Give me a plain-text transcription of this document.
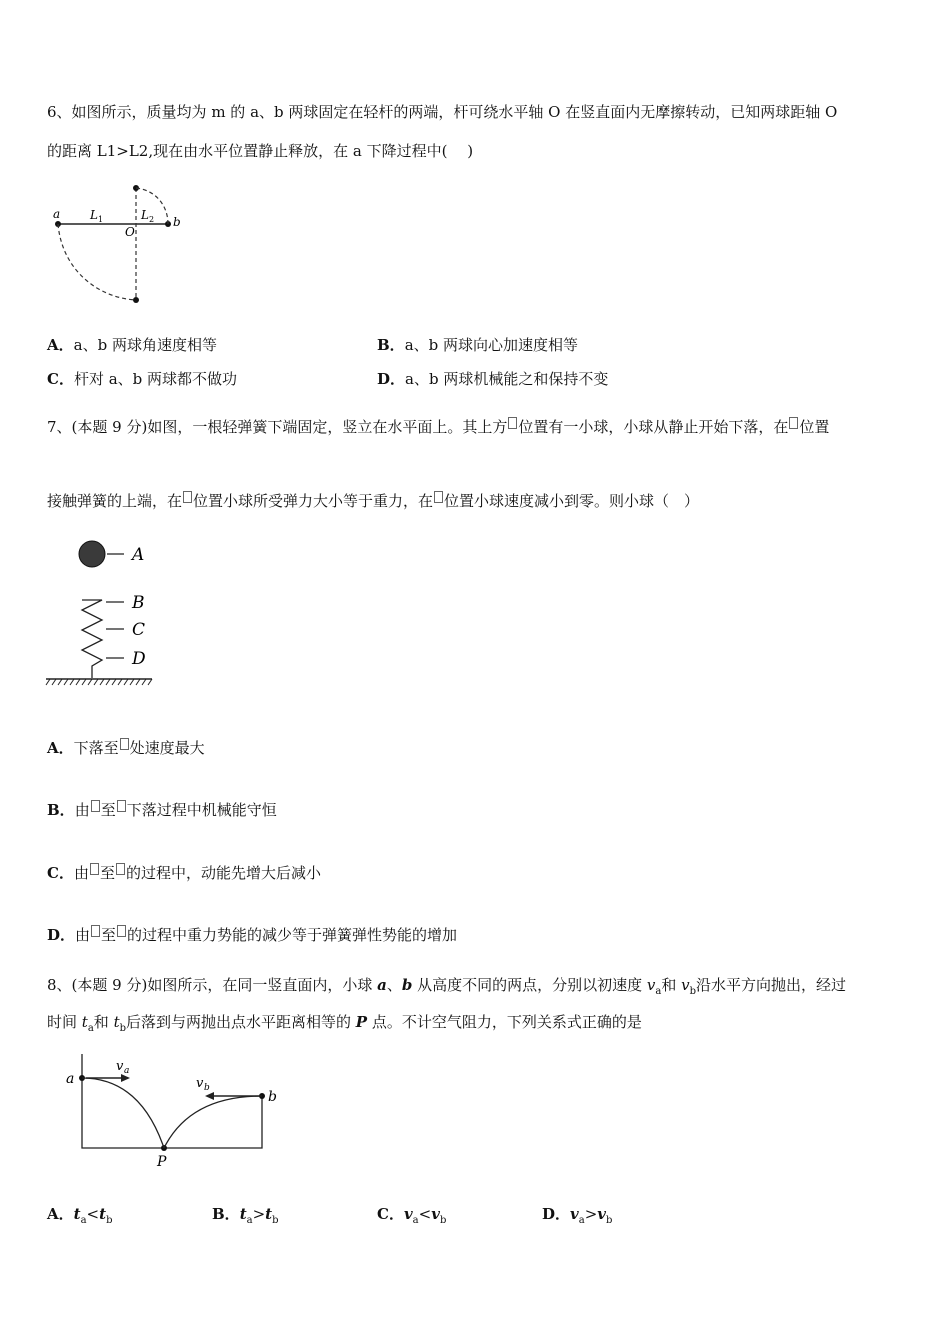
6、如图所示，质量均为 m 的 a、b 两球固定在轻杆的两端，杆可绕水平轴 O 在竖直面内无摩擦转动，已知两球距轴 O
的距离 L1>L2,现在由水平位置静止释放，在 a 下降过程中(　 )
a
b
O
L 1	L 2
A．a、b 两球角速度相等	B．a、b 两球向心加速度相等
C．杆对 a、b 两球都不做功	D．a、b 两球机械能之和保持不变
7、(本题 9 分)如图，一根轻弹簧下端固定，竖立在水平面上。其上方 位置有一小球，小球从静止开始下落，在 位置
接触弹簧的上端，在 位置小球所受弹力大小等于重力，在 位置小球速度减小到零。则小球（　）
A
B
C
D
A．下落至 处速度最大
B．由 至 下落过程中机械能守恒
C．由 至 的过程中，动能先增大后减小
D．由 至 的过程中重力势能的减少等于弹簧弹性势能的增加
8、(本题 9 分)如图所示，在同一竖直面内，小球 a、b 从高度不同的两点，分别以初速度 $v_a$和 $v_b$沿水平方向抛出，经过
时间 $t_a$和 $t_b$后落到与两抛出点水平距离相等的 P 点。不计空气阻力，下列关系式正确的是
a
b
v a
v b
P
A．$t_a<t_b$	B．$t_a>t_b$	C．$v_a<v_b$	D．$v_a>v_b$
